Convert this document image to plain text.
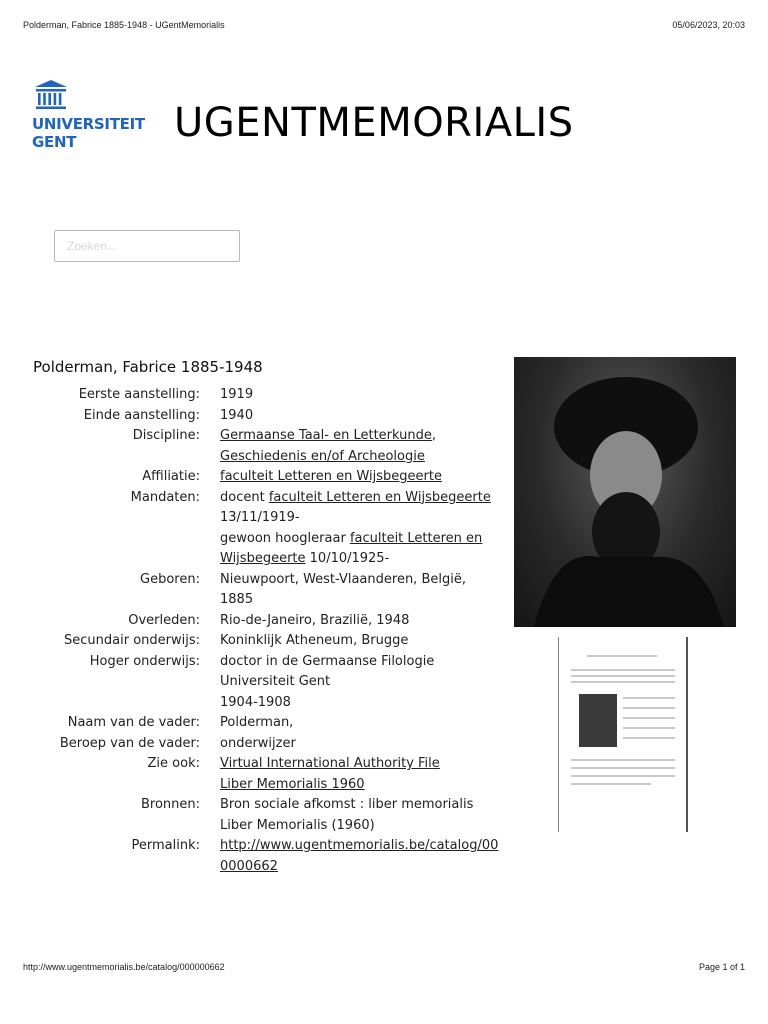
Polderman, Fabrice 1885-1948 - UGentMemorialis	05/06/2023, 20:03
UNIVERSITEIT
GENT UGENTMEMORIALIS
Zoeken...
Polderman, Fabrice 1885-1948
Eerste aanstelling:	1919
Einde aanstelling:	1940
Discipline:	Germaanse Taal- en Letterkunde, Geschiedenis en/of Archeologie
Affiliatie:	faculteit Letteren en Wijsbegeerte
Mandaten:	docent faculteit Letteren en Wijsbegeerte
13/11/1919-
gewoon hoogleraar faculteit Letteren en Wijsbegeerte 10/10/1925-
Geboren:	Nieuwpoort, West-Vlaanderen, België, 1885
Overleden:	Rio-de-Janeiro, Brazilië, 1948
Secundair onderwijs:	Koninklijk Atheneum, Brugge
Hoger onderwijs:	doctor in de Germaanse Filologie
Universiteit Gent
1904-1908

Naam van de vader:	Polderman,
Beroep van de vader:	onderwijzer
Zie ook:	Virtual International Authority File
Liber Memorialis 1960

Bronnen:	Bron sociale afkomst : liber memorialis
Liber Memorialis (1960)

Permalink:	http://www.ugentmemorialis.be/catalog/000000662
http://www.ugentmemorialis.be/catalog/000000662	Page 1 of 1
